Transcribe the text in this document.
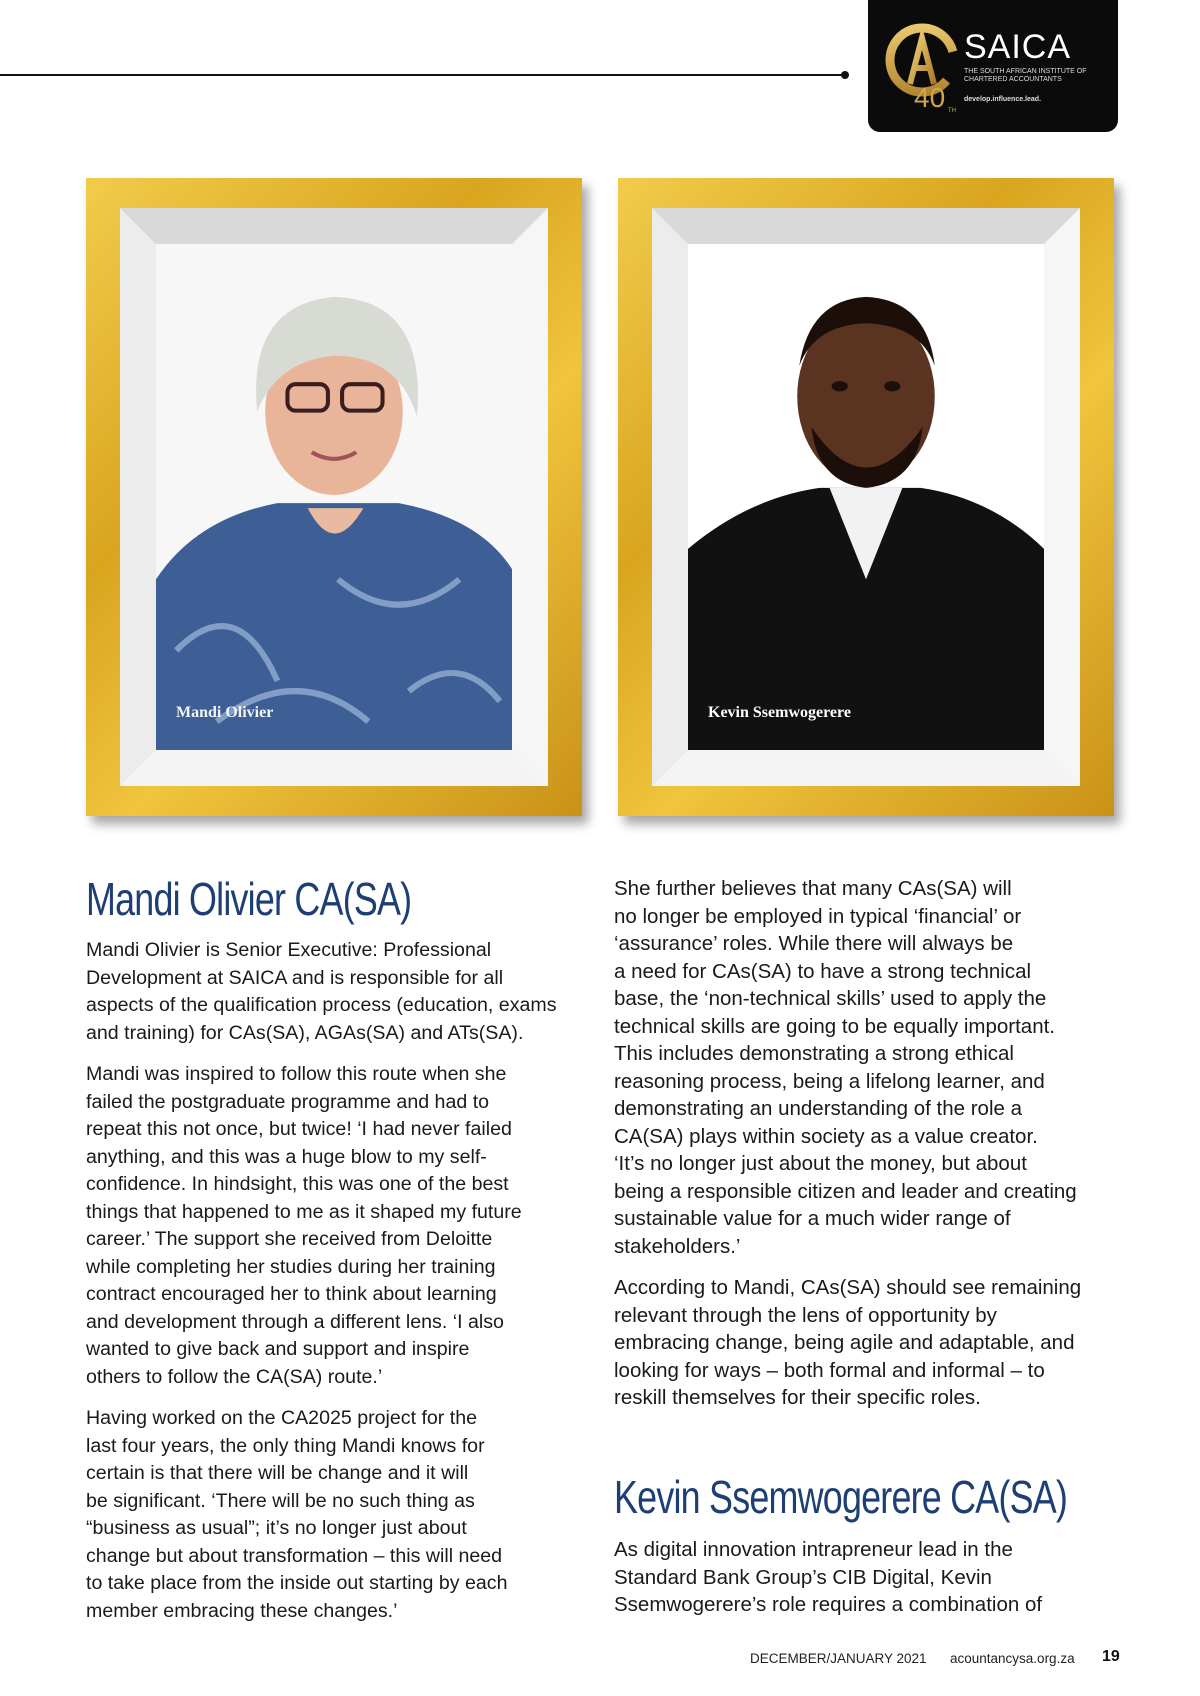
SAICA
THE SOUTH AFRICAN INSTITUTE OF CHARTERED ACCOUNTANTS
develop.influence.lead.
40 TH
Mandi Olivier	Kevin Ssemwogerere
Mandi Olivier CA(SA)

Mandi Olivier is Senior Executive: Professional
Development at SAICA and is responsible for all
aspects of the qualification process (education, exams
and training) for CAs(SA), AGAs(SA) and ATs(SA).

Mandi was inspired to follow this route when she
failed the postgraduate programme and had to
repeat this not once, but twice! ‘I had never failed
anything, and this was a huge blow to my self-
confidence. In hindsight, this was one of the best
things that happened to me as it shaped my future
career.’ The support she received from Deloitte
while completing her studies during her training
contract encouraged her to think about learning
and development through a different lens. ‘I also
wanted to give back and support and inspire
others to follow the CA(SA) route.’

Having worked on the CA2025 project for the
last four years, the only thing Mandi knows for
certain is that there will be change and it will
be significant. ‘There will be no such thing as
“business as usual”; it’s no longer just about
change but about transformation – this will need
to take place from the inside out starting by each
member embracing these changes.’

She further believes that many CAs(SA) will
no longer be employed in typical ‘financial’ or
‘assurance’ roles. While there will always be
a need for CAs(SA) to have a strong technical
base, the ‘non-technical skills’ used to apply the
technical skills are going to be equally important.
This includes demonstrating a strong ethical
reasoning process, being a lifelong learner, and
demonstrating an understanding of the role a
CA(SA) plays within society as a value creator.
‘It’s no longer just about the money, but about
being a responsible citizen and leader and creating
sustainable value for a much wider range of
stakeholders.’

According to Mandi, CAs(SA) should see remaining
relevant through the lens of opportunity by
embracing change, being agile and adaptable, and
looking for ways – both formal and informal – to
reskill themselves for their specific roles.

Kevin Ssemwogerere CA(SA)

As digital innovation intrapreneur lead in the
Standard Bank Group’s CIB Digital, Kevin
Ssemwogerere’s role requires a combination of

DECEMBER/JANUARY 2021 acountancysa.org.za 19
